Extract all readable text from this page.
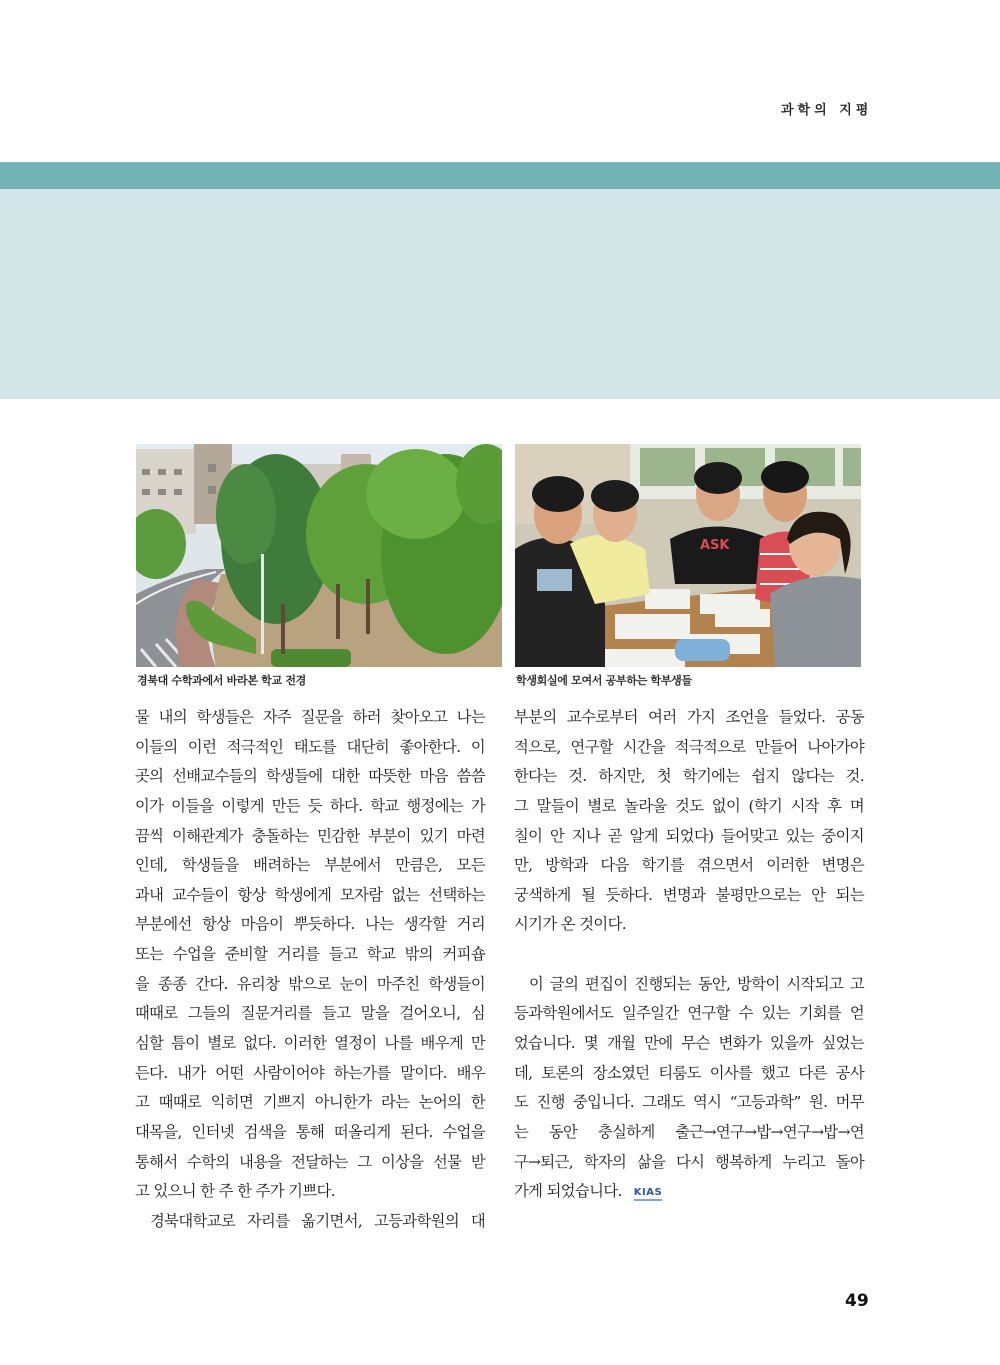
과학의 지평
ASK
경북대 수학과에서 바라본 학교 전경	학생회실에 모여서 공부하는 학부생들
물 내의 학생들은 자주 질문을 하러 찾아오고 나는
이들의 이런 적극적인 태도를 대단히 좋아한다. 이
곳의 선배교수들의 학생들에 대한 따뜻한 마음 씀씀
이가 이들을 이렇게 만든 듯 하다. 학교 행정에는 가
끔씩 이해관계가 충돌하는 민감한 부분이 있기 마련
인데, 학생들을 배려하는 부분에서 만큼은, 모든
과내 교수들이 항상 학생에게 모자람 없는 선택하는
부분에선 항상 마음이 뿌듯하다. 나는 생각할 거리
또는 수업을 준비할 거리를 들고 학교 밖의 커피숍
을 종종 간다. 유리창 밖으로 눈이 마주친 학생들이
때때로 그들의 질문거리를 들고 말을 걸어오니, 심
심할 틈이 별로 없다. 이러한 열정이 나를 배우게 만
든다. 내가 어떤 사람이어야 하는가를 말이다. 배우
고 때때로 익히면 기쁘지 아니한가 라는 논어의 한
대목을, 인터넷 검색을 통해 떠올리게 된다. 수업을
통해서 수학의 내용을 전달하는 그 이상을 선물 받
고 있으니 한 주 한 주가 기쁘다.
경북대학교로 자리를 옮기면서, 고등과학원의 대
부분의 교수로부터 여러 가지 조언을 들었다. 공동
적으로, 연구할 시간을 적극적으로 만들어 나아가야
한다는 것. 하지만, 첫 학기에는 쉽지 않다는 것.
그 말들이 별로 놀라울 것도 없이 (학기 시작 후 며
칠이 안 지나 곧 알게 되었다) 들어맞고 있는 중이지
만, 방학과 다음 학기를 겪으면서 이러한 변명은
궁색하게 될 듯하다. 변명과 불평만으로는 안 되는
시기가 온 것이다.
이 글의 편집이 진행되는 동안, 방학이 시작되고 고
등과학원에서도 일주일간 연구할 수 있는 기회를 얻
었습니다. 몇 개월 만에 무슨 변화가 있을까 싶었는
데, 토론의 장소였던 티룸도 이사를 했고 다른 공사
도 진행 중입니다. 그래도 역시 “고등과학” 원. 머무
는 동안 충실하게 출근→연구→밥→연구→밥→연
구→퇴근, 학자의 삶을 다시 행복하게 누리고 돌아
가게 되었습니다. KIAS
49
